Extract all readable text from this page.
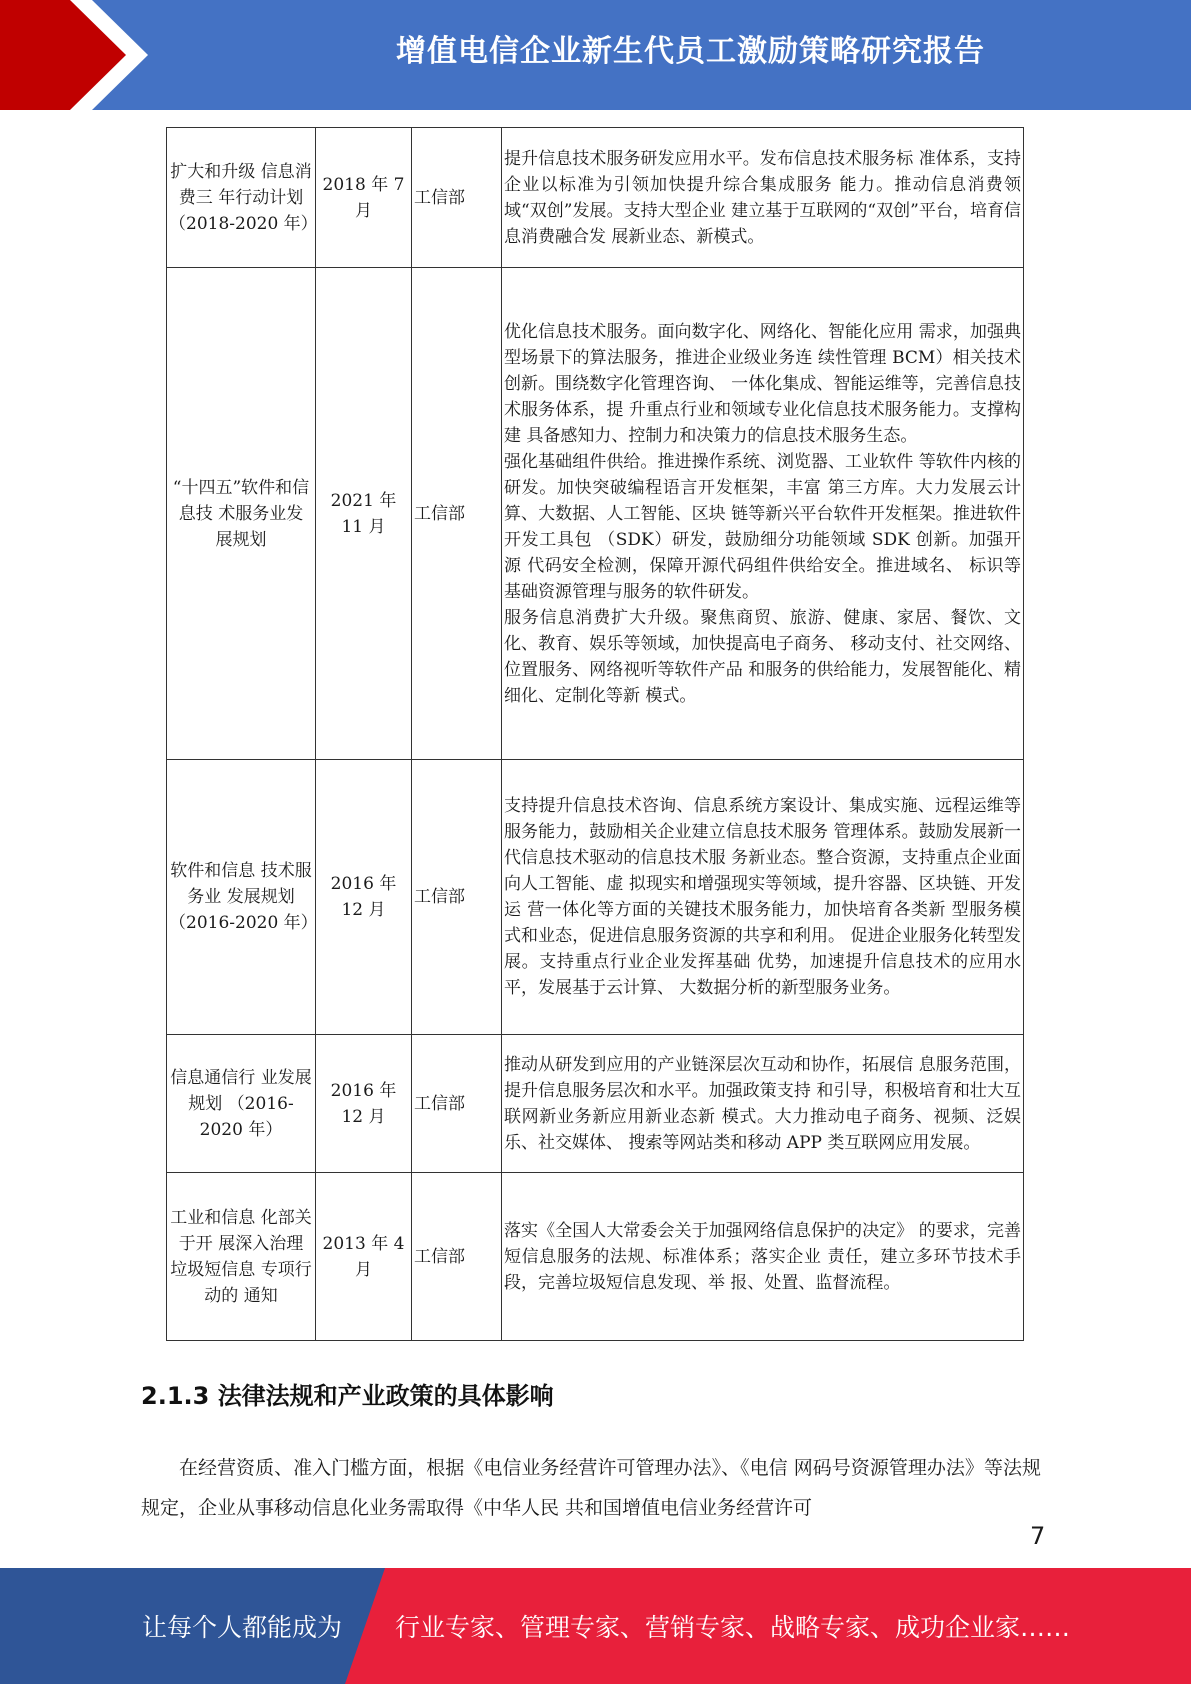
增值电信企业新生代员工激励策略研究报告
扩大和升级 信息消费三 年行动计划 （2018-2020 年）	2018 年 7 月	工信部	提升信息技术服务研发应用水平。发布信息技术服务标 准体系，支持企业以标准为引领加快提升综合集成服务 能力。推动信息消费领域“双创”发展。支持大型企业 建立基于互联网的“双创”平台，培育信息消费融合发 展新业态、新模式。

“十四五”软件和信息技 术服务业发 展规划	2021 年 11 月	工信部	优化信息技术服务。面向数字化、网络化、智能化应用 需求，加强典型场景下的算法服务，推进企业级业务连 续性管理 BCM）相关技术创新。围绕数字化管理咨询、 一体化集成、智能运维等，完善信息技术服务体系，提 升重点行业和领域专业化信息技术服务能力。支撑构建 具备感知力、控制力和决策力的信息技术服务生态。

强化基础组件供给。推进操作系统、浏览器、工业软件 等软件内核的研发。加快突破编程语言开发框架，丰富 第三方库。大力发展云计算、大数据、人工智能、区块 链等新兴平台软件开发框架。推进软件开发工具包 （SDK）研发，鼓励细分功能领域 SDK 创新。加强开源 代码安全检测，保障开源代码组件供给安全。推进域名、 标识等基础资源管理与服务的软件研发。

服务信息消费扩大升级。聚焦商贸、旅游、健康、家居、餐饮、文化、教育、娱乐等领域，加快提高电子商务、 移动支付、社交网络、位置服务、网络视听等软件产品 和服务的供给能力，发展智能化、精细化、定制化等新 模式。

软件和信息 技术服务业 发展规划 （2016-2020 年）	2016 年 12 月	工信部	支持提升信息技术咨询、信息系统方案设计、集成实施、远程运维等服务能力，鼓励相关企业建立信息技术服务 管理体系。鼓励发展新一代信息技术驱动的信息技术服 务新业态。整合资源，支持重点企业面向人工智能、虚 拟现实和增强现实等领域，提升容器、区块链、开发运 营一体化等方面的关键技术服务能力，加快培育各类新 型服务模式和业态，促进信息服务资源的共享和利用。 促进企业服务化转型发展。支持重点行业企业发挥基础 优势，加速提升信息技术的应用水平，发展基于云计算、 大数据分析的新型服务业务。

信息通信行 业发展规划 （2016-2020 年）	2016 年 12 月	工信部	推动从研发到应用的产业链深层次互动和协作，拓展信 息服务范围，提升信息服务层次和水平。加强政策支持 和引导，积极培育和壮大互联网新业务新应用新业态新 模式。大力推动电子商务、视频、泛娱乐、社交媒体、 搜索等网站类和移动 APP 类互联网应用发展。

工业和信息 化部关于开 展深入治理 垃圾短信息 专项行动的 通知	2013 年 4 月	工信部	落实《全国人大常委会关于加强网络信息保护的决定》 的要求，完善短信息服务的法规、标准体系；落实企业 责任，建立多环节技术手段，完善垃圾短信息发现、举 报、处置、监督流程。

2.1.3 法律法规和产业政策的具体影响

在经营资质、准入门槛方面，根据《电信业务经营许可管理办法》、《电信 网码号资源管理办法》等法规规定，企业从事移动信息化业务需取得《中华人民 共和国增值电信业务经营许可

7
让每个人都能成为 行业专家、管理专家、营销专家、战略专家、成功企业家……
